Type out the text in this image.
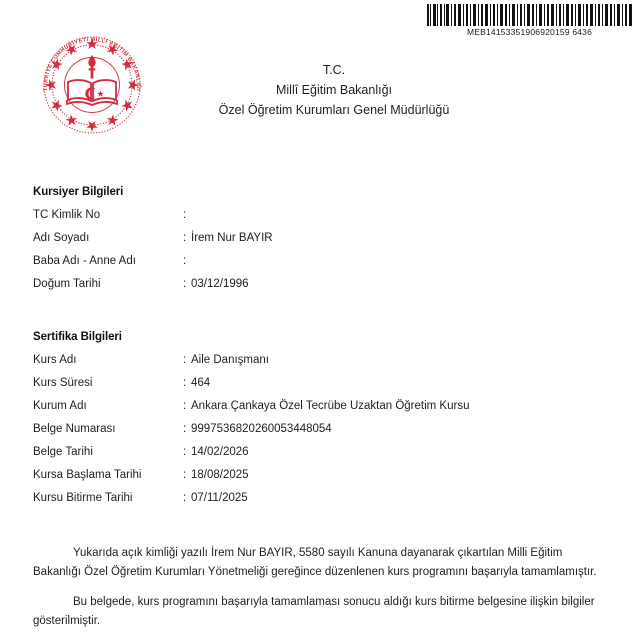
MEB14153351906920159 6436
TÜRKİYE CUMHURİYETİ MİLLÎ EĞİTİM BAKANLIĞI
T.C.
Millî Eğitim Bakanlığı
Özel Öğretim Kurumları Genel Müdürlüğü
Kursiyer Bilgileri
TC Kimlik No	:
Adı Soyadı	: İrem Nur BAYIR
Baba Adı - Anne Adı	:
Doğum Tarihi	: 03/12/1996
Sertifika Bilgileri
Kurs Adı	: Aile Danışmanı
Kurs Süresi	: 464
Kurum Adı	: Ankara Çankaya Özel Tecrübe Uzaktan Öğretim Kursu
Belge Numarası	: 9997536820260053448054
Belge Tarihi	: 14/02/2026
Kursa Başlama Tarihi	: 18/08/2025
Kursu Bitirme Tarihi	: 07/11/2025

Yukarıda açık kimliği yazılı İrem Nur BAYIR, 5580 sayılı Kanuna dayanarak çıkartılan Milli Eğitim Bakanlığı Özel Öğretim Kurumları Yönetmeliği gereğince düzenlenen kurs programını başarıyla tamamlamıştır.

Bu belgede, kurs programını başarıyla tamamlaması sonucu aldığı kurs bitirme belgesine ilişkin bilgiler gösterilmiştir.
